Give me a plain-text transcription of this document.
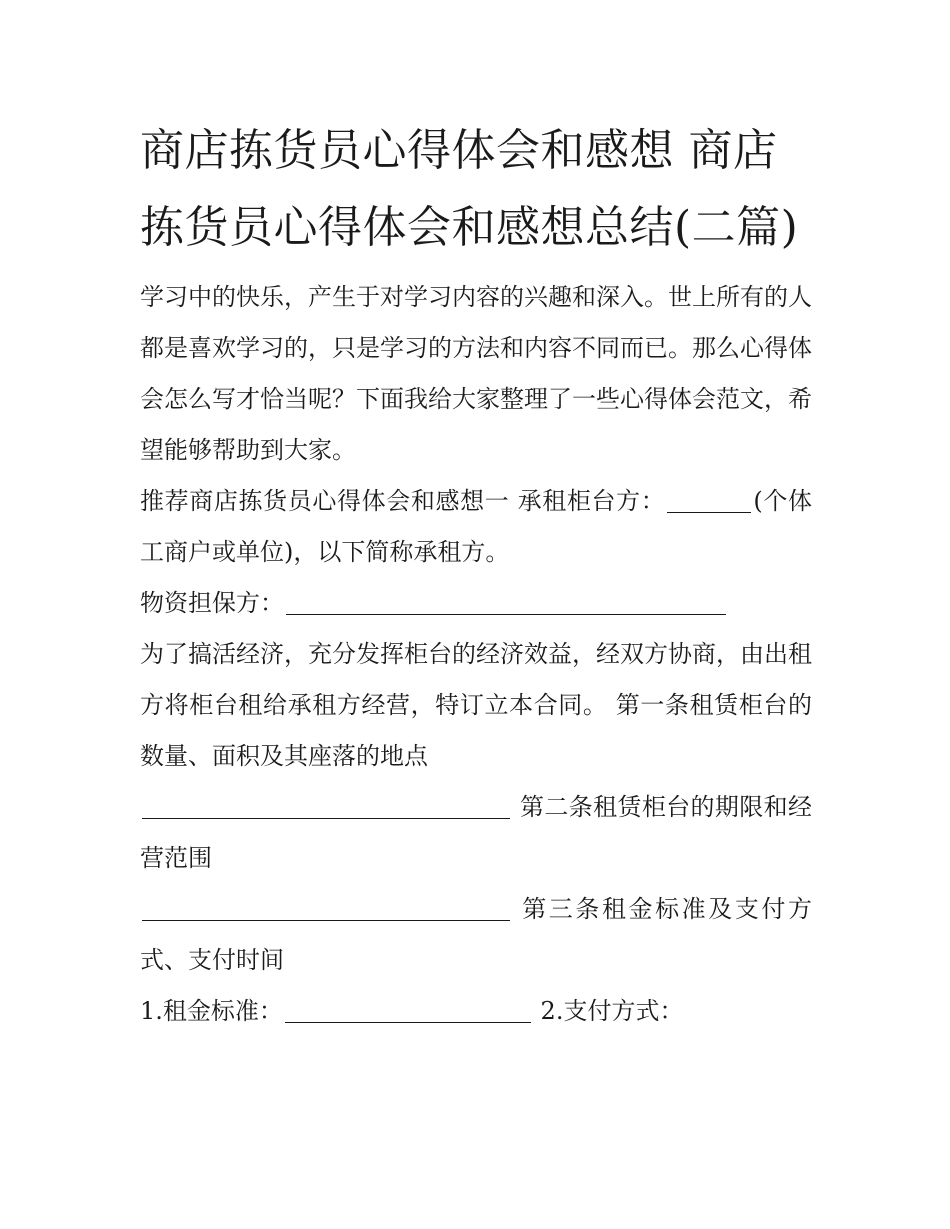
商店拣货员心得体会和感想 商店拣货员心得体会和感想总结(二篇)

学习中的快乐，产生于对学习内容的兴趣和深入。世上所有的人都是喜欢学习的，只是学习的方法和内容不同而已。那么心得体会怎么写才恰当呢？下面我给大家整理了一些心得体会范文，希望能够帮助到大家。

推荐商店拣货员心得体会和感想一 承租柜台方：	(个体工商户或单位)，以下简称承租方。

物资担保方：

为了搞活经济，充分发挥柜台的经济效益，经双方协商，由出租方将柜台租给承租方经营，特订立本合同。 第一条租赁柜台的数量、面积及其座落的地点

第二条租赁柜台的期限和经营范围

第三条租金标准及支付方式、支付时间

1.租金标准：	2.支付方式：
